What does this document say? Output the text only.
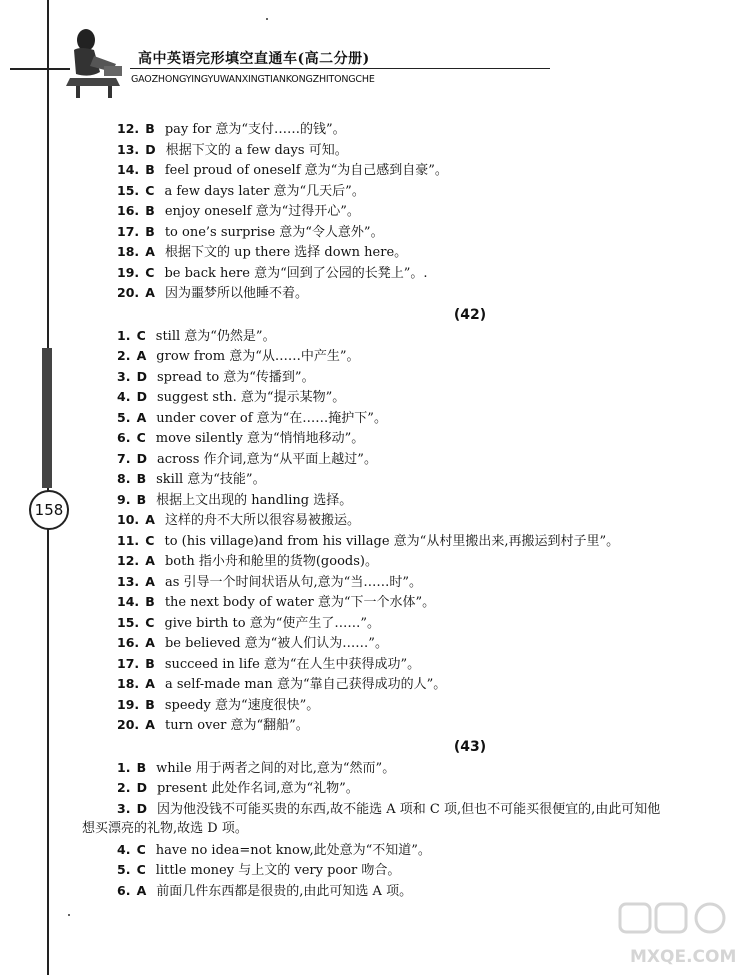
高中英语完形填空直通车(高二分册)
GAOZHONGYINGYUWANXINGTIANKONGZHITONGCHE
158
12. B pay for 意为“支付……的钱”。
13. D 根据下文的 a few days 可知。
14. B feel proud of oneself 意为“为自己感到自豪”。
15. C a few days later 意为“几天后”。
16. B enjoy oneself 意为“过得开心”。
17. B to one’s surprise 意为“令人意外”。
18. A 根据下文的 up there 选择 down here。
19. C be back here 意为“回到了公园的长凳上”。.
20. A 因为噩梦所以他睡不着。
(42)
1. C still 意为“仍然是”。
2. A grow from 意为“从……中产生”。
3. D spread to 意为“传播到”。
4. D suggest sth. 意为“提示某物”。
5. A under cover of 意为“在……掩护下”。
6. C move silently 意为“悄悄地移动”。
7. D across 作介词,意为“从平面上越过”。
8. B skill 意为“技能”。
9. B 根据上文出现的 handling 选择。
10. A 这样的舟不大所以很容易被搬运。
11. C to (his village)and from his village 意为“从村里搬出来,再搬运到村子里”。
12. A both 指小舟和舱里的货物(goods)。
13. A as 引导一个时间状语从句,意为“当……时”。
14. B the next body of water 意为“下一个水体”。
15. C give birth to 意为“使产生了……”。
16. A be believed 意为“被人们认为……”。
17. B succeed in life 意为“在人生中获得成功”。
18. A a self-made man 意为“靠自己获得成功的人”。
19. B speedy 意为“速度很快”。
20. A turn over 意为“翻船”。
(43)
1. B while 用于两者之间的对比,意为“然而”。
2. D present 此处作名词,意为“礼物”。
3. D 因为他没钱不可能买贵的东西,故不能选 A 项和 C 项,但也不可能买很便宜的,由此可知他
想买漂亮的礼物,故选 D 项。
4. C have no idea=not know,此处意为“不知道”。
5. C little money 与上文的 very poor 吻合。
6. A 前面几件东西都是很贵的,由此可知选 A 项。
MXQE.COM
